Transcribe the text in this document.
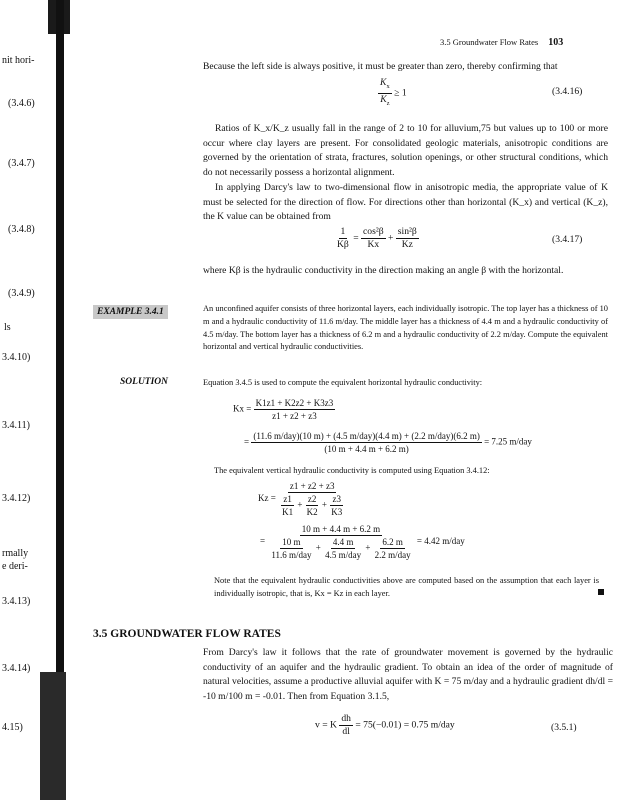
nit hori-
(3.4.6)
(3.4.7)
(3.4.8)
(3.4.9)
ls
3.4.10)
3.4.11)
3.4.12)
rmally
e deri-
3.4.13)
3.4.14)
4.15)
3.5 Groundwater Flow Rates 103
Because the left side is always positive, it must be greater than zero, thereby confirming that
$\frac{K_x}{K_z} \ge 1$	(3.4.16)
Ratios of K_x/K_z usually fall in the range of 2 to 10 for alluvium,75 but values up to 100 or more occur where clay layers are present. For consolidated geologic materials, anisotropic conditions are governed by the orientation of strata, fractures, solution openings, or other structural conditions, which do not necessarily possess a horizontal alignment.
In applying Darcy's law to two-dimensional flow in anisotropic media, the appropriate value of K must be selected for the direction of flow. For directions other than horizontal (K_x) and vertical (K_z), the K value can be obtained from
$\frac{1}{K\beta} = \frac{\text{cos²β}}{Kx} + \frac{\text{sin²β}}{Kz}$	(3.4.17)
where Kβ is the hydraulic conductivity in the direction making an angle β with the horizontal.
EXAMPLE 3.4.1	An unconfined aquifer consists of three horizontal layers, each individually isotropic. The top layer has a thickness of 10 m and a hydraulic conductivity of 11.6 m/day. The middle layer has a thickness of 4.4 m and a hydraulic conductivity of 4.5 m/day. The bottom layer has a thickness of 6.2 m and a hydraulic conductivity of 2.2 m/day. Compute the equivalent horizontal and vertical hydraulic conductivities.
SOLUTION	Equation 3.4.5 is used to compute the equivalent horizontal hydraulic conductivity:
$Kx = \frac{K1z1 + K2z2 + K3z3}{z1 + z2 + z3}$
= $\frac{\text{(11.6 m/day)(10 m) + (4.5 m/day)(4.4 m) + (2.2 m/day)(6.2 m)}}{(10 m + 4.4 m + 6.2 m)} = 7.25$ m/day
The equivalent vertical hydraulic conductivity is computed using Equation 3.4.12:
$Kz = \frac{z1 + z2 + z3}{\frac{z1}{K1} + \frac{z2}{K2} + \frac{z3}{K3}}$
= $\frac{10 m + 4.4 m + 6.2 m}{\frac{10 m}{\text{11.6 m/day}} + \frac{4.4 m}{\text{4.5 m/day}} + \frac{6.2 m}{\text{2.2 m/day}}} = 4.42$ m/day
Note that the equivalent hydraulic conductivities above are computed based on the assumption that each layer is individually isotropic, that is, Kx = Kz in each layer.
3.5 GROUNDWATER FLOW RATES
From Darcy's law it follows that the rate of groundwater movement is governed by the hydraulic conductivity of an aquifer and the hydraulic gradient. To obtain an idea of the order of magnitude of natural velocities, assume a productive alluvial aquifer with K = 75 m/day and a hydraulic gradient dh/dl = -10 m/100 m = -0.01. Then from Equation 3.1.5,
v = K $\frac{dh}{dl} = 75(-0.01) = 0.75$ m/day	(3.5.1)
